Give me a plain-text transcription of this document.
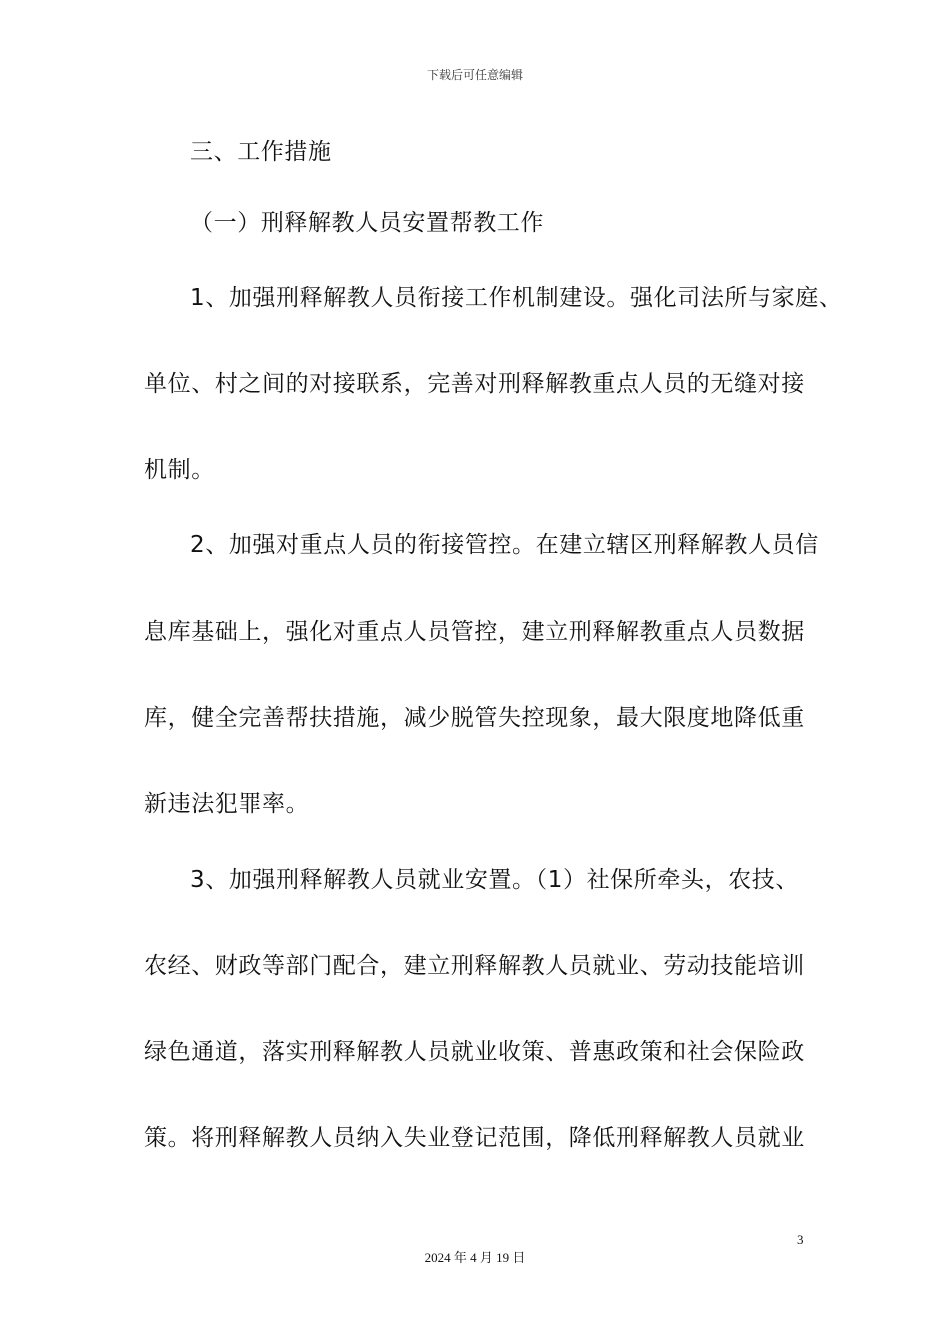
下载后可任意编辑
三、工作措施
（一）刑释解教人员安置帮教工作
1、加强刑释解教人员衔接工作机制建设。强化司法所与家庭、
单位、村之间的对接联系，完善对刑释解教重点人员的无缝对接
机制。
2、加强对重点人员的衔接管控。在建立辖区刑释解教人员信
息库基础上，强化对重点人员管控，建立刑释解教重点人员数据
库，健全完善帮扶措施，减少脱管失控现象，最大限度地降低重
新违法犯罪率。
3、加强刑释解教人员就业安置。（1）社保所牵头，农技、
农经、财政等部门配合，建立刑释解教人员就业、劳动技能培训
绿色通道，落实刑释解教人员就业收策、普惠政策和社会保险政
策。将刑释解教人员纳入失业登记范围，降低刑释解教人员就业
3
2024 年 4 月 19 日
